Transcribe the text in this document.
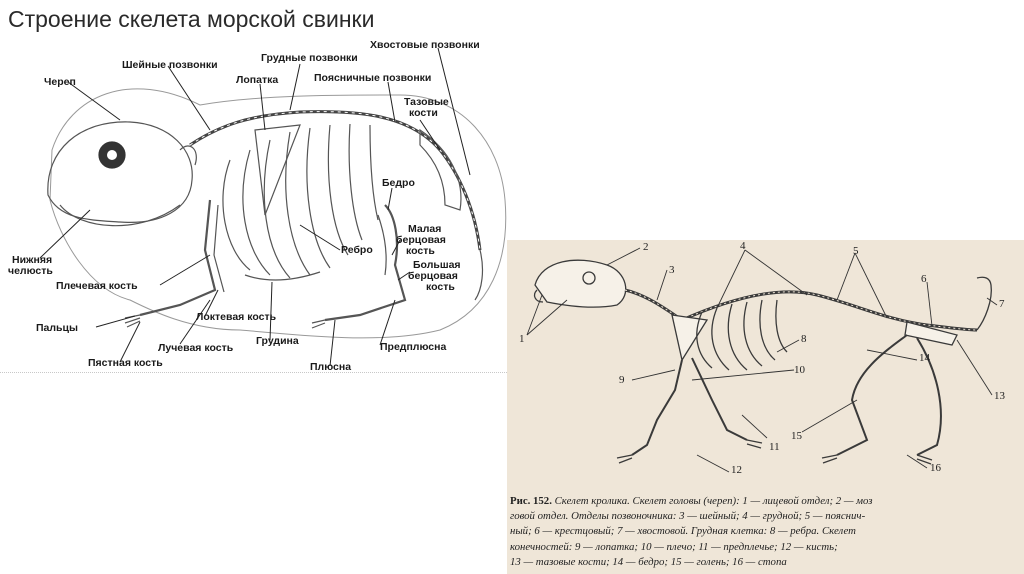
Строение скелета морской свинки
Череп
Шейные позвонки
Грудные позвонки
Хвостовые позвонки
Лопатка	Поясничные позвонки
Тазовые
кости
Бедро
Малая
берцовая
кость
Ребро
Большая
берцовая
кость
Нижняя
челюсть
Плечевая кость
Пальцы
Локтевая кость
Лучевая кость
Грудина	Предплюсна
Пястная кость	Плюсна
1
2
3
4	5
6
7
8
9
10
11
12
13
14
15
16
Рис. 152. Скелет кролика. Скелет головы (череп): 1 — лицевой отдел; 2 — моз
говой отдел. Отделы позвоночника: 3 — шейный; 4 — грудной; 5 — пояснич-
ный; 6 — крестцовый; 7 — хвостовой. Грудная клетка: 8 — ребра. Скелет
конечностей: 9 — лопатка; 10 — плечо; 11 — предплечье; 12 — кисть;
13 — тазовые кости; 14 — бедро; 15 — голень; 16 — стопа
